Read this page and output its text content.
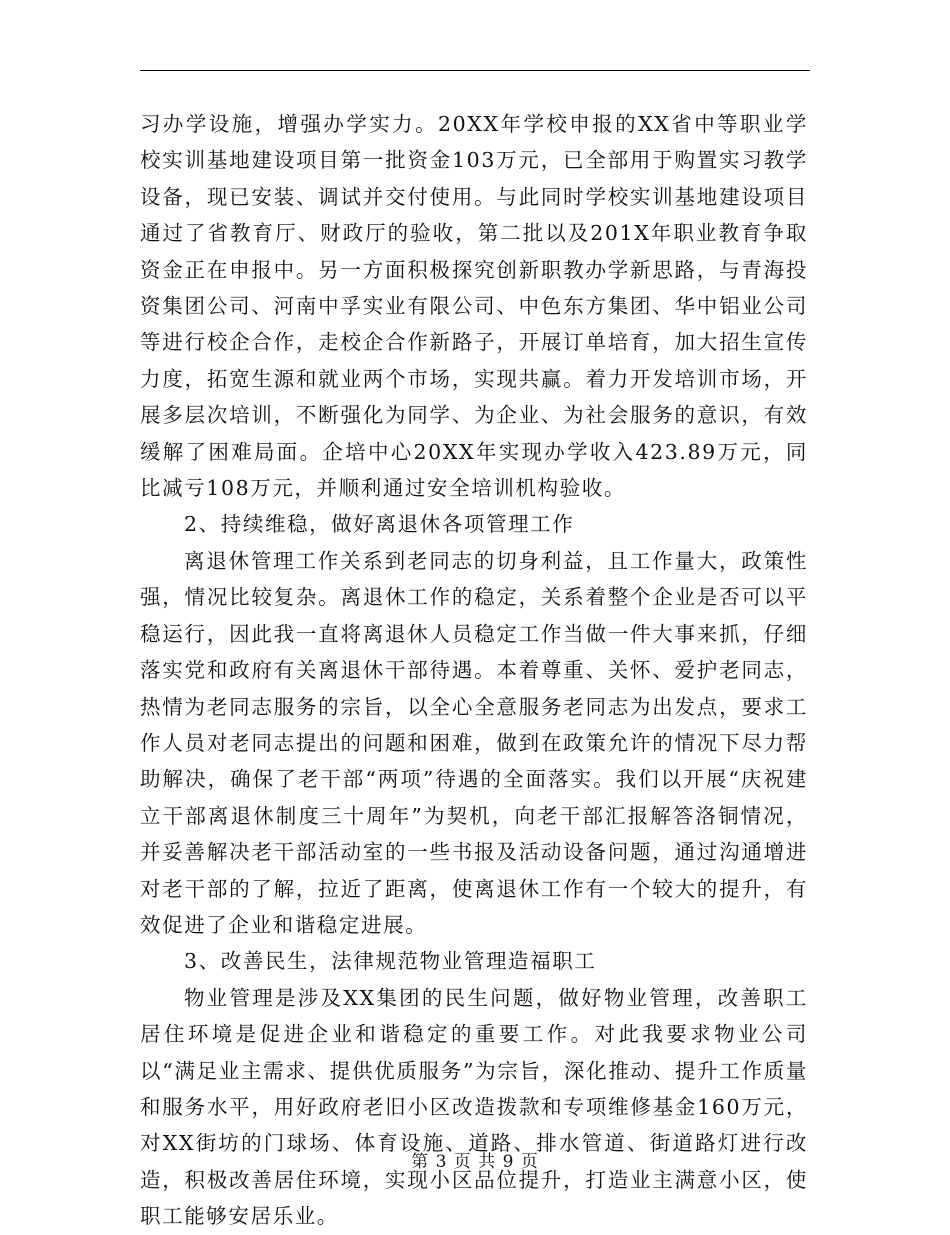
习办学设施，增强办学实力。20XX年学校申报的XX省中等职业学校实训基地建设项目第一批资金103万元，已全部用于购置实习教学设备，现已安装、调试并交付使用。与此同时学校实训基地建设项目通过了省教育厅、财政厅的验收，第二批以及201X年职业教育争取资金正在申报中。另一方面积极探究创新职教办学新思路，与青海投资集团公司、河南中孚实业有限公司、中色东方集团、华中铝业公司等进行校企合作，走校企合作新路子，开展订单培育，加大招生宣传力度，拓宽生源和就业两个市场，实现共赢。着力开发培训市场，开展多层次培训，不断强化为同学、为企业、为社会服务的意识，有效缓解了困难局面。企培中心20XX年实现办学收入423.89万元，同比减亏108万元，并顺利通过安全培训机构验收。

2、持续维稳，做好离退休各项管理工作

离退休管理工作关系到老同志的切身利益，且工作量大，政策性强，情况比较复杂。离退休工作的稳定，关系着整个企业是否可以平稳运行，因此我一直将离退休人员稳定工作当做一件大事来抓，仔细落实党和政府有关离退休干部待遇。本着尊重、关怀、爱护老同志，热情为老同志服务的宗旨，以全心全意服务老同志为出发点，要求工作人员对老同志提出的问题和困难，做到在政策允许的情况下尽力帮助解决，确保了老干部“两项”待遇的全面落实。我们以开展“庆祝建立干部离退休制度三十周年”为契机，向老干部汇报解答洛铜情况，并妥善解决老干部活动室的一些书报及活动设备问题，通过沟通增进对老干部的了解，拉近了距离，使离退休工作有一个较大的提升，有效促进了企业和谐稳定进展。

3、改善民生，法律规范物业管理造福职工

物业管理是涉及XX集团的民生问题，做好物业管理，改善职工居住环境是促进企业和谐稳定的重要工作。对此我要求物业公司以“满足业主需求、提供优质服务”为宗旨，深化推动、提升工作质量和服务水平，用好政府老旧小区改造拨款和专项维修基金160万元，对XX街坊的门球场、体育设施、道路、排水管道、街道路灯进行改造，积极改善居住环境，实现小区品位提升，打造业主满意小区，使职工能够安居乐业。

第 3 页 共 9 页
